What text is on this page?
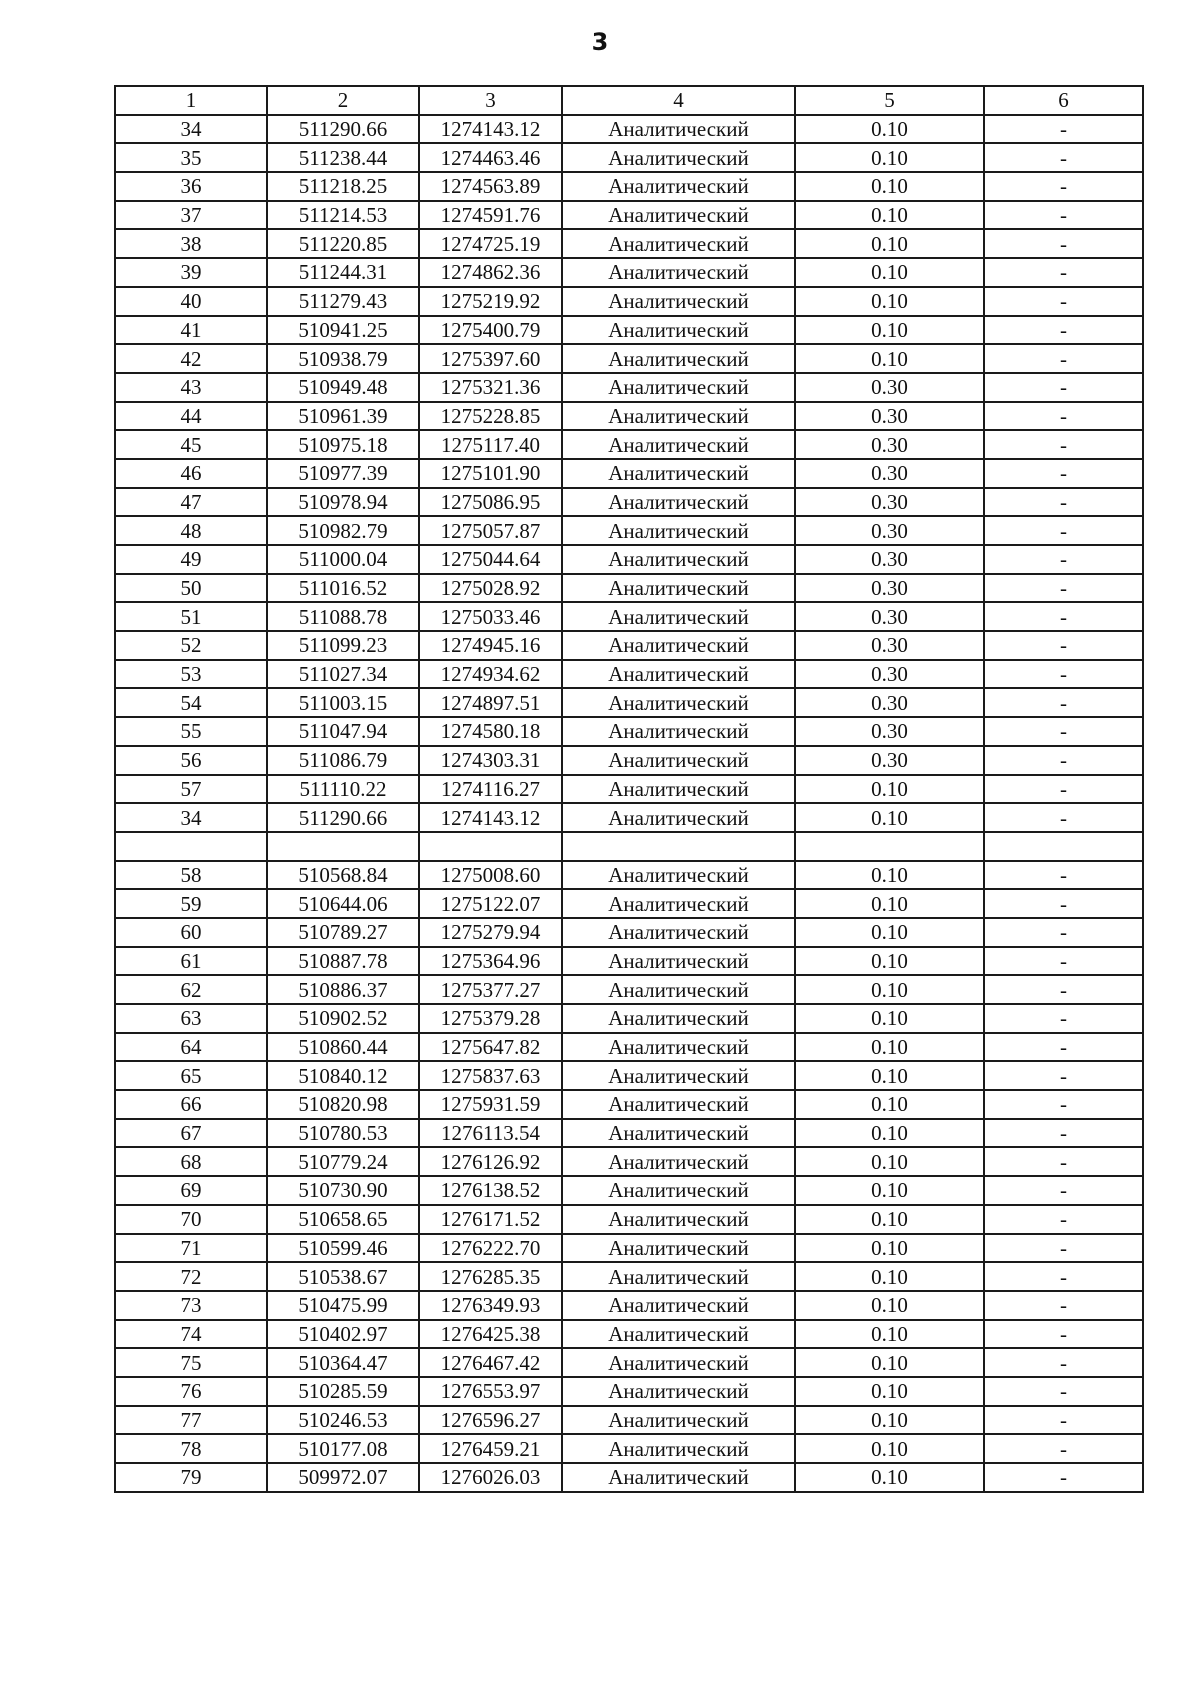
3
1	2	3	4	5	6
34	511290.66	1274143.12	Аналитический	0.10	-
35	511238.44	1274463.46	Аналитический	0.10	-
36	511218.25	1274563.89	Аналитический	0.10	-
37	511214.53	1274591.76	Аналитический	0.10	-
38	511220.85	1274725.19	Аналитический	0.10	-
39	511244.31	1274862.36	Аналитический	0.10	-
40	511279.43	1275219.92	Аналитический	0.10	-
41	510941.25	1275400.79	Аналитический	0.10	-
42	510938.79	1275397.60	Аналитический	0.10	-
43	510949.48	1275321.36	Аналитический	0.30	-
44	510961.39	1275228.85	Аналитический	0.30	-
45	510975.18	1275117.40	Аналитический	0.30	-
46	510977.39	1275101.90	Аналитический	0.30	-
47	510978.94	1275086.95	Аналитический	0.30	-
48	510982.79	1275057.87	Аналитический	0.30	-
49	511000.04	1275044.64	Аналитический	0.30	-
50	511016.52	1275028.92	Аналитический	0.30	-
51	511088.78	1275033.46	Аналитический	0.30	-
52	511099.23	1274945.16	Аналитический	0.30	-
53	511027.34	1274934.62	Аналитический	0.30	-
54	511003.15	1274897.51	Аналитический	0.30	-
55	511047.94	1274580.18	Аналитический	0.30	-
56	511086.79	1274303.31	Аналитический	0.30	-
57	511110.22	1274116.27	Аналитический	0.10	-
34	511290.66	1274143.12	Аналитический	0.10	-

58	510568.84	1275008.60	Аналитический	0.10	-
59	510644.06	1275122.07	Аналитический	0.10	-
60	510789.27	1275279.94	Аналитический	0.10	-
61	510887.78	1275364.96	Аналитический	0.10	-
62	510886.37	1275377.27	Аналитический	0.10	-
63	510902.52	1275379.28	Аналитический	0.10	-
64	510860.44	1275647.82	Аналитический	0.10	-
65	510840.12	1275837.63	Аналитический	0.10	-
66	510820.98	1275931.59	Аналитический	0.10	-
67	510780.53	1276113.54	Аналитический	0.10	-
68	510779.24	1276126.92	Аналитический	0.10	-
69	510730.90	1276138.52	Аналитический	0.10	-
70	510658.65	1276171.52	Аналитический	0.10	-
71	510599.46	1276222.70	Аналитический	0.10	-
72	510538.67	1276285.35	Аналитический	0.10	-
73	510475.99	1276349.93	Аналитический	0.10	-
74	510402.97	1276425.38	Аналитический	0.10	-
75	510364.47	1276467.42	Аналитический	0.10	-
76	510285.59	1276553.97	Аналитический	0.10	-
77	510246.53	1276596.27	Аналитический	0.10	-
78	510177.08	1276459.21	Аналитический	0.10	-
79	509972.07	1276026.03	Аналитический	0.10	-
